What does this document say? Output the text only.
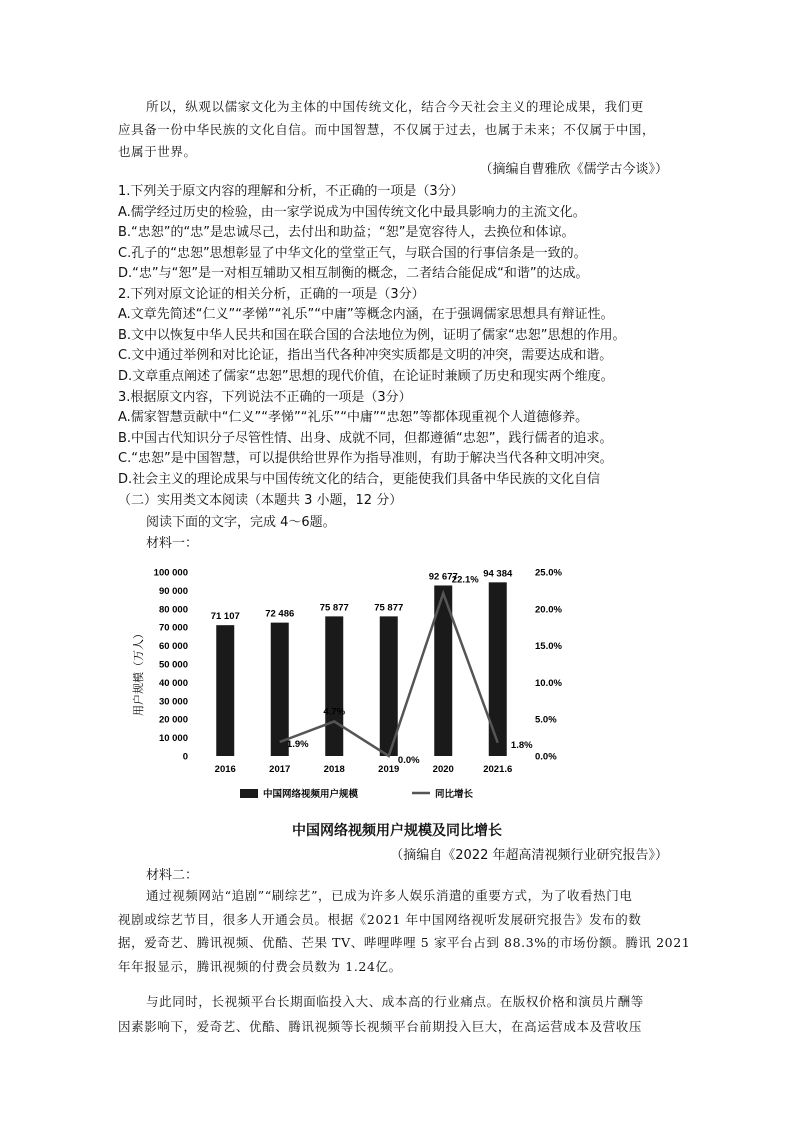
所以，纵观以儒家文化为主体的中国传统文化，结合今天社会主义的理论成果，我们更
应具备一份中华民族的文化自信。而中国智慧，不仅属于过去，也属于未来；不仅属于中国，
也属于世界。
（摘编自曹雅欣《儒学古今谈》）
1.下列关于原文内容的理解和分析，不正确的一项是（3分）
A.儒学经过历史的检验，由一家学说成为中国传统文化中最具影响力的主流文化。
B.“忠恕”的“忠”是忠诚尽己，去付出和助益；“恕”是宽容待人，去换位和体谅。
C.孔子的“忠恕”思想彰显了中华文化的堂堂正气，与联合国的行事信条是一致的。
D.“忠”与“恕”是一对相互辅助又相互制衡的概念，二者结合能促成“和谐”的达成。
2.下列对原文论证的相关分析，正确的一项是（3分）
A.文章先简述“仁义”“孝悌”“礼乐”“中庸”等概念内涵，在于强调儒家思想具有辩证性。
B.文中以恢复中华人民共和国在联合国的合法地位为例，证明了儒家“忠恕”思想的作用。
C.文中通过举例和对比论证，指出当代各种冲突实质都是文明的冲突，需要达成和谐。
D.文章重点阐述了儒家“忠恕”思想的现代价值，在论证时兼顾了历史和现实两个维度。
3.根据原文内容，下列说法不正确的一项是（3分）
A.儒家智慧贡献中“仁义”“孝悌”“礼乐”“中庸”“忠恕”等都体现重视个人道德修养。
B.中国古代知识分子尽管性情、出身、成就不同，但都遵循“忠恕”，践行儒者的追求。
C.“忠恕”是中国智慧，可以提供给世界作为指导准则，有助于解决当代各种文明冲突。
D.社会主义的理论成果与中国传统文化的结合，更能使我们具备中华民族的文化自信
（二）实用类文本阅读（本题共 3 小题，12 分）
阅读下面的文字，完成 4～6题。
材料一：
0
10 000
20 000
30 000
40 000
50 000
60 000
70 000
80 000
90 000
100 000
0.0%
5.0%
10.0%
15.0%
20.0%
25.0%
71 107	72 486
75 877	75 877
92 677	94 384
2016	2017	2018	2019	2020	2021.6
1.9%
4.7%
0.0%
22.1%
1.8%
用户规模（万人）
中国网络视频用户规模	同比增长
中国网络视频用户规模及同比增长
（摘编自《2022 年超高清视频行业研究报告》）
材料二：
通过视频网站“追剧”“刷综艺”，已成为许多人娱乐消遣的重要方式，为了收看热门电
视剧或综艺节目，很多人开通会员。根据《2021 年中国网络视听发展研究报告》发布的数
据，爱奇艺、腾讯视频、优酷、芒果 TV、哔哩哔哩 5 家平台占到 88.3%的市场份额。腾讯 2021
年年报显示，腾讯视频的付费会员数为 1.24亿。
与此同时，长视频平台长期面临投入大、成本高的行业痛点。在版权价格和演员片酬等
因素影响下，爱奇艺、优酷、腾讯视频等长视频平台前期投入巨大，在高运营成本及营收压
